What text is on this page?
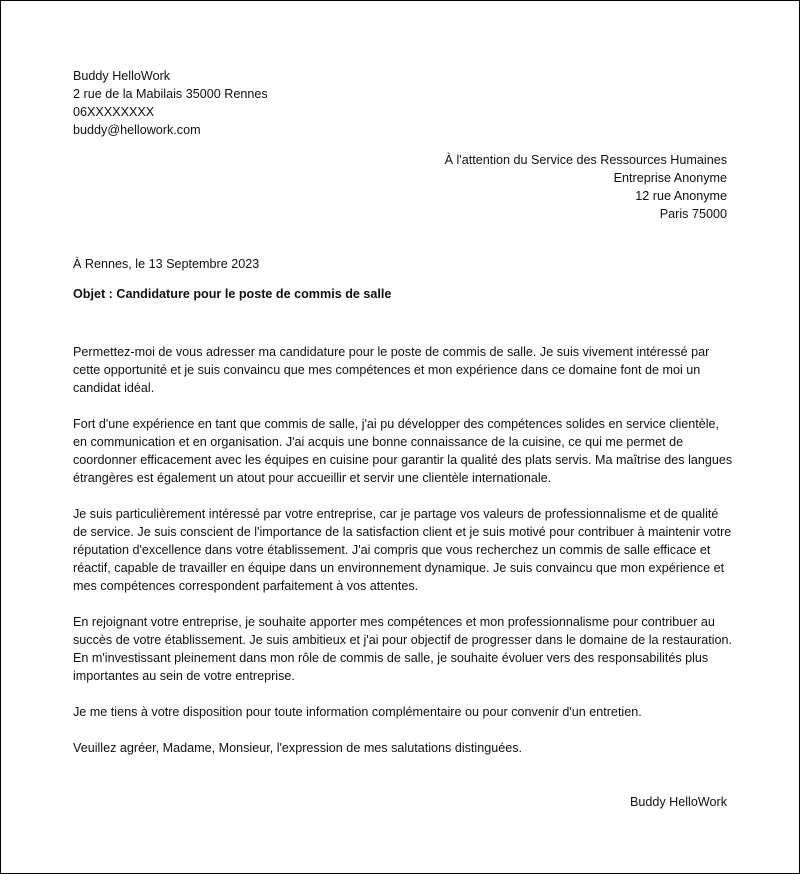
Buddy HelloWork
2 rue de la Mabilais 35000 Rennes
06XXXXXXXX
buddy@hellowork.com
À l'attention du Service des Ressources Humaines
Entreprise Anonyme
12 rue Anonyme
Paris 75000
À Rennes, le 13 Septembre 2023
Objet : Candidature pour le poste de commis de salle

Permettez-moi de vous adresser ma candidature pour le poste de commis de salle. Je suis vivement intéressé par cette opportunité et je suis convaincu que mes compétences et mon expérience dans ce domaine font de moi un candidat idéal.

Fort d'une expérience en tant que commis de salle, j'ai pu développer des compétences solides en service clientèle, en communication et en organisation. J'ai acquis une bonne connaissance de la cuisine, ce qui me permet de coordonner efficacement avec les équipes en cuisine pour garantir la qualité des plats servis. Ma maîtrise des langues étrangères est également un atout pour accueillir et servir une clientèle internationale.

Je suis particulièrement intéressé par votre entreprise, car je partage vos valeurs de professionnalisme et de qualité de service. Je suis conscient de l'importance de la satisfaction client et je suis motivé pour contribuer à maintenir votre réputation d'excellence dans votre établissement. J'ai compris que vous recherchez un commis de salle efficace et réactif, capable de travailler en équipe dans un environnement dynamique. Je suis convaincu que mon expérience et mes compétences correspondent parfaitement à vos attentes.

En rejoignant votre entreprise, je souhaite apporter mes compétences et mon professionnalisme pour contribuer au succès de votre établissement. Je suis ambitieux et j'ai pour objectif de progresser dans le domaine de la restauration. En m'investissant pleinement dans mon rôle de commis de salle, je souhaite évoluer vers des responsabilités plus importantes au sein de votre entreprise.

Je me tiens à votre disposition pour toute information complémentaire ou pour convenir d'un entretien.

Veuillez agréer, Madame, Monsieur, l'expression de mes salutations distinguées.

Buddy HelloWork
